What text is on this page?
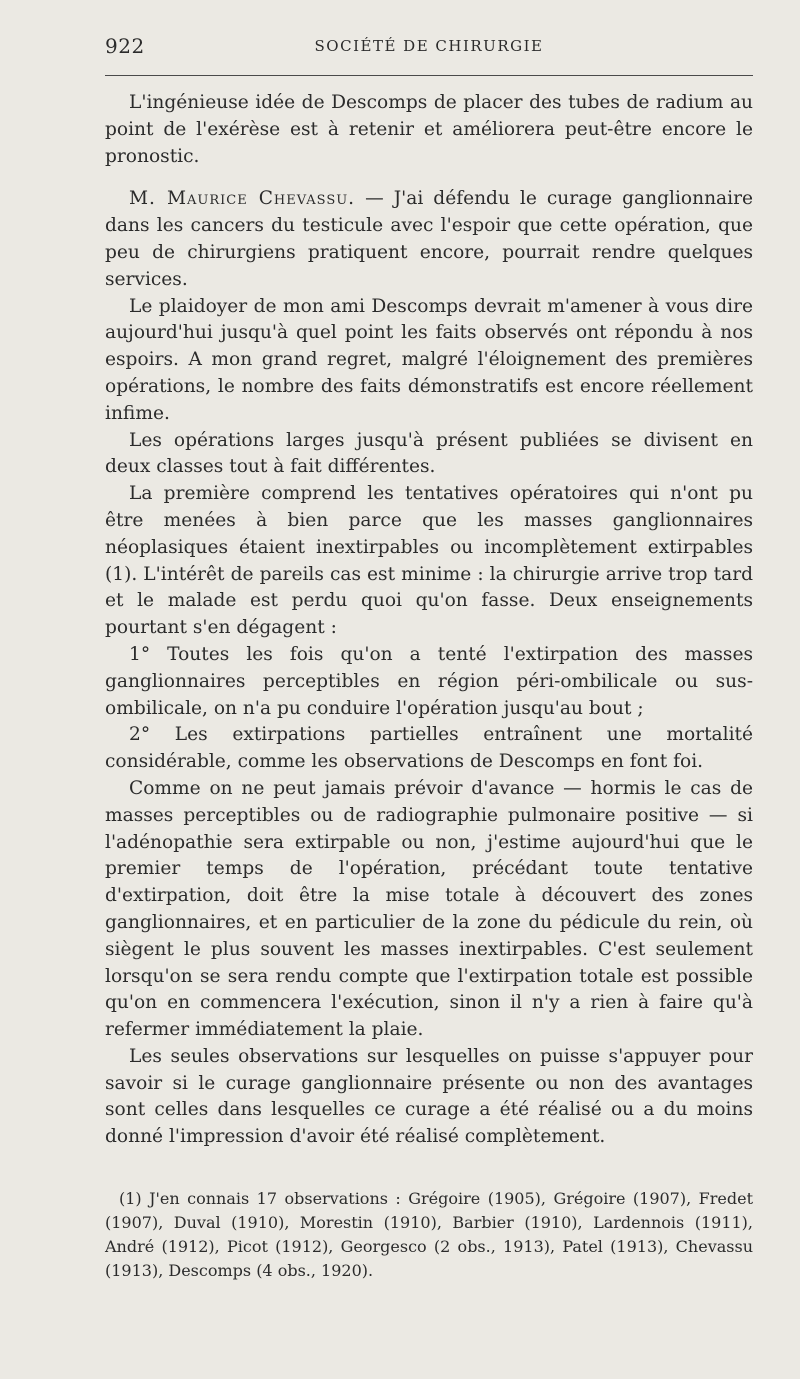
922	SOCIÉTÉ DE CHIRURGIE

L'ingénieuse idée de Descomps de placer des tubes de radium au point de l'exérèse est à retenir et améliorera peut-être encore le pronostic.

M. Maurice Chevassu. — J'ai défendu le curage ganglionnaire dans les cancers du testicule avec l'espoir que cette opération, que peu de chirurgiens pratiquent encore, pourrait rendre quelques services.

Le plaidoyer de mon ami Descomps devrait m'amener à vous dire aujourd'hui jusqu'à quel point les faits observés ont répondu à nos espoirs. A mon grand regret, malgré l'éloignement des premières opérations, le nombre des faits démonstratifs est encore réellement infime.

Les opérations larges jusqu'à présent publiées se divisent en deux classes tout à fait différentes.

La première comprend les tentatives opératoires qui n'ont pu être menées à bien parce que les masses ganglionnaires néoplasiques étaient inextirpables ou incomplètement extirpables (1). L'intérêt de pareils cas est minime : la chirurgie arrive trop tard et le malade est perdu quoi qu'on fasse. Deux enseignements pourtant s'en dégagent :

1° Toutes les fois qu'on a tenté l'extirpation des masses ganglionnaires perceptibles en région péri-ombilicale ou sus-ombilicale, on n'a pu conduire l'opération jusqu'au bout ;

2° Les extirpations partielles entraînent une mortalité considérable, comme les observations de Descomps en font foi.

Comme on ne peut jamais prévoir d'avance — hormis le cas de masses perceptibles ou de radiographie pulmonaire positive — si l'adénopathie sera extirpable ou non, j'estime aujourd'hui que le premier temps de l'opération, précédant toute tentative d'extirpation, doit être la mise totale à découvert des zones ganglionnaires, et en particulier de la zone du pédicule du rein, où siègent le plus souvent les masses inextirpables. C'est seulement lorsqu'on se sera rendu compte que l'extirpation totale est possible qu'on en commencera l'exécution, sinon il n'y a rien à faire qu'à refermer immédiatement la plaie.

Les seules observations sur lesquelles on puisse s'appuyer pour savoir si le curage ganglionnaire présente ou non des avantages sont celles dans lesquelles ce curage a été réalisé ou a du moins donné l'impression d'avoir été réalisé complètement.

(1) J'en connais 17 observations : Grégoire (1905), Grégoire (1907), Fredet (1907), Duval (1910), Morestin (1910), Barbier (1910), Lardennois (1911), André (1912), Picot (1912), Georgesco (2 obs., 1913), Patel (1913), Chevassu (1913), Descomps (4 obs., 1920).
